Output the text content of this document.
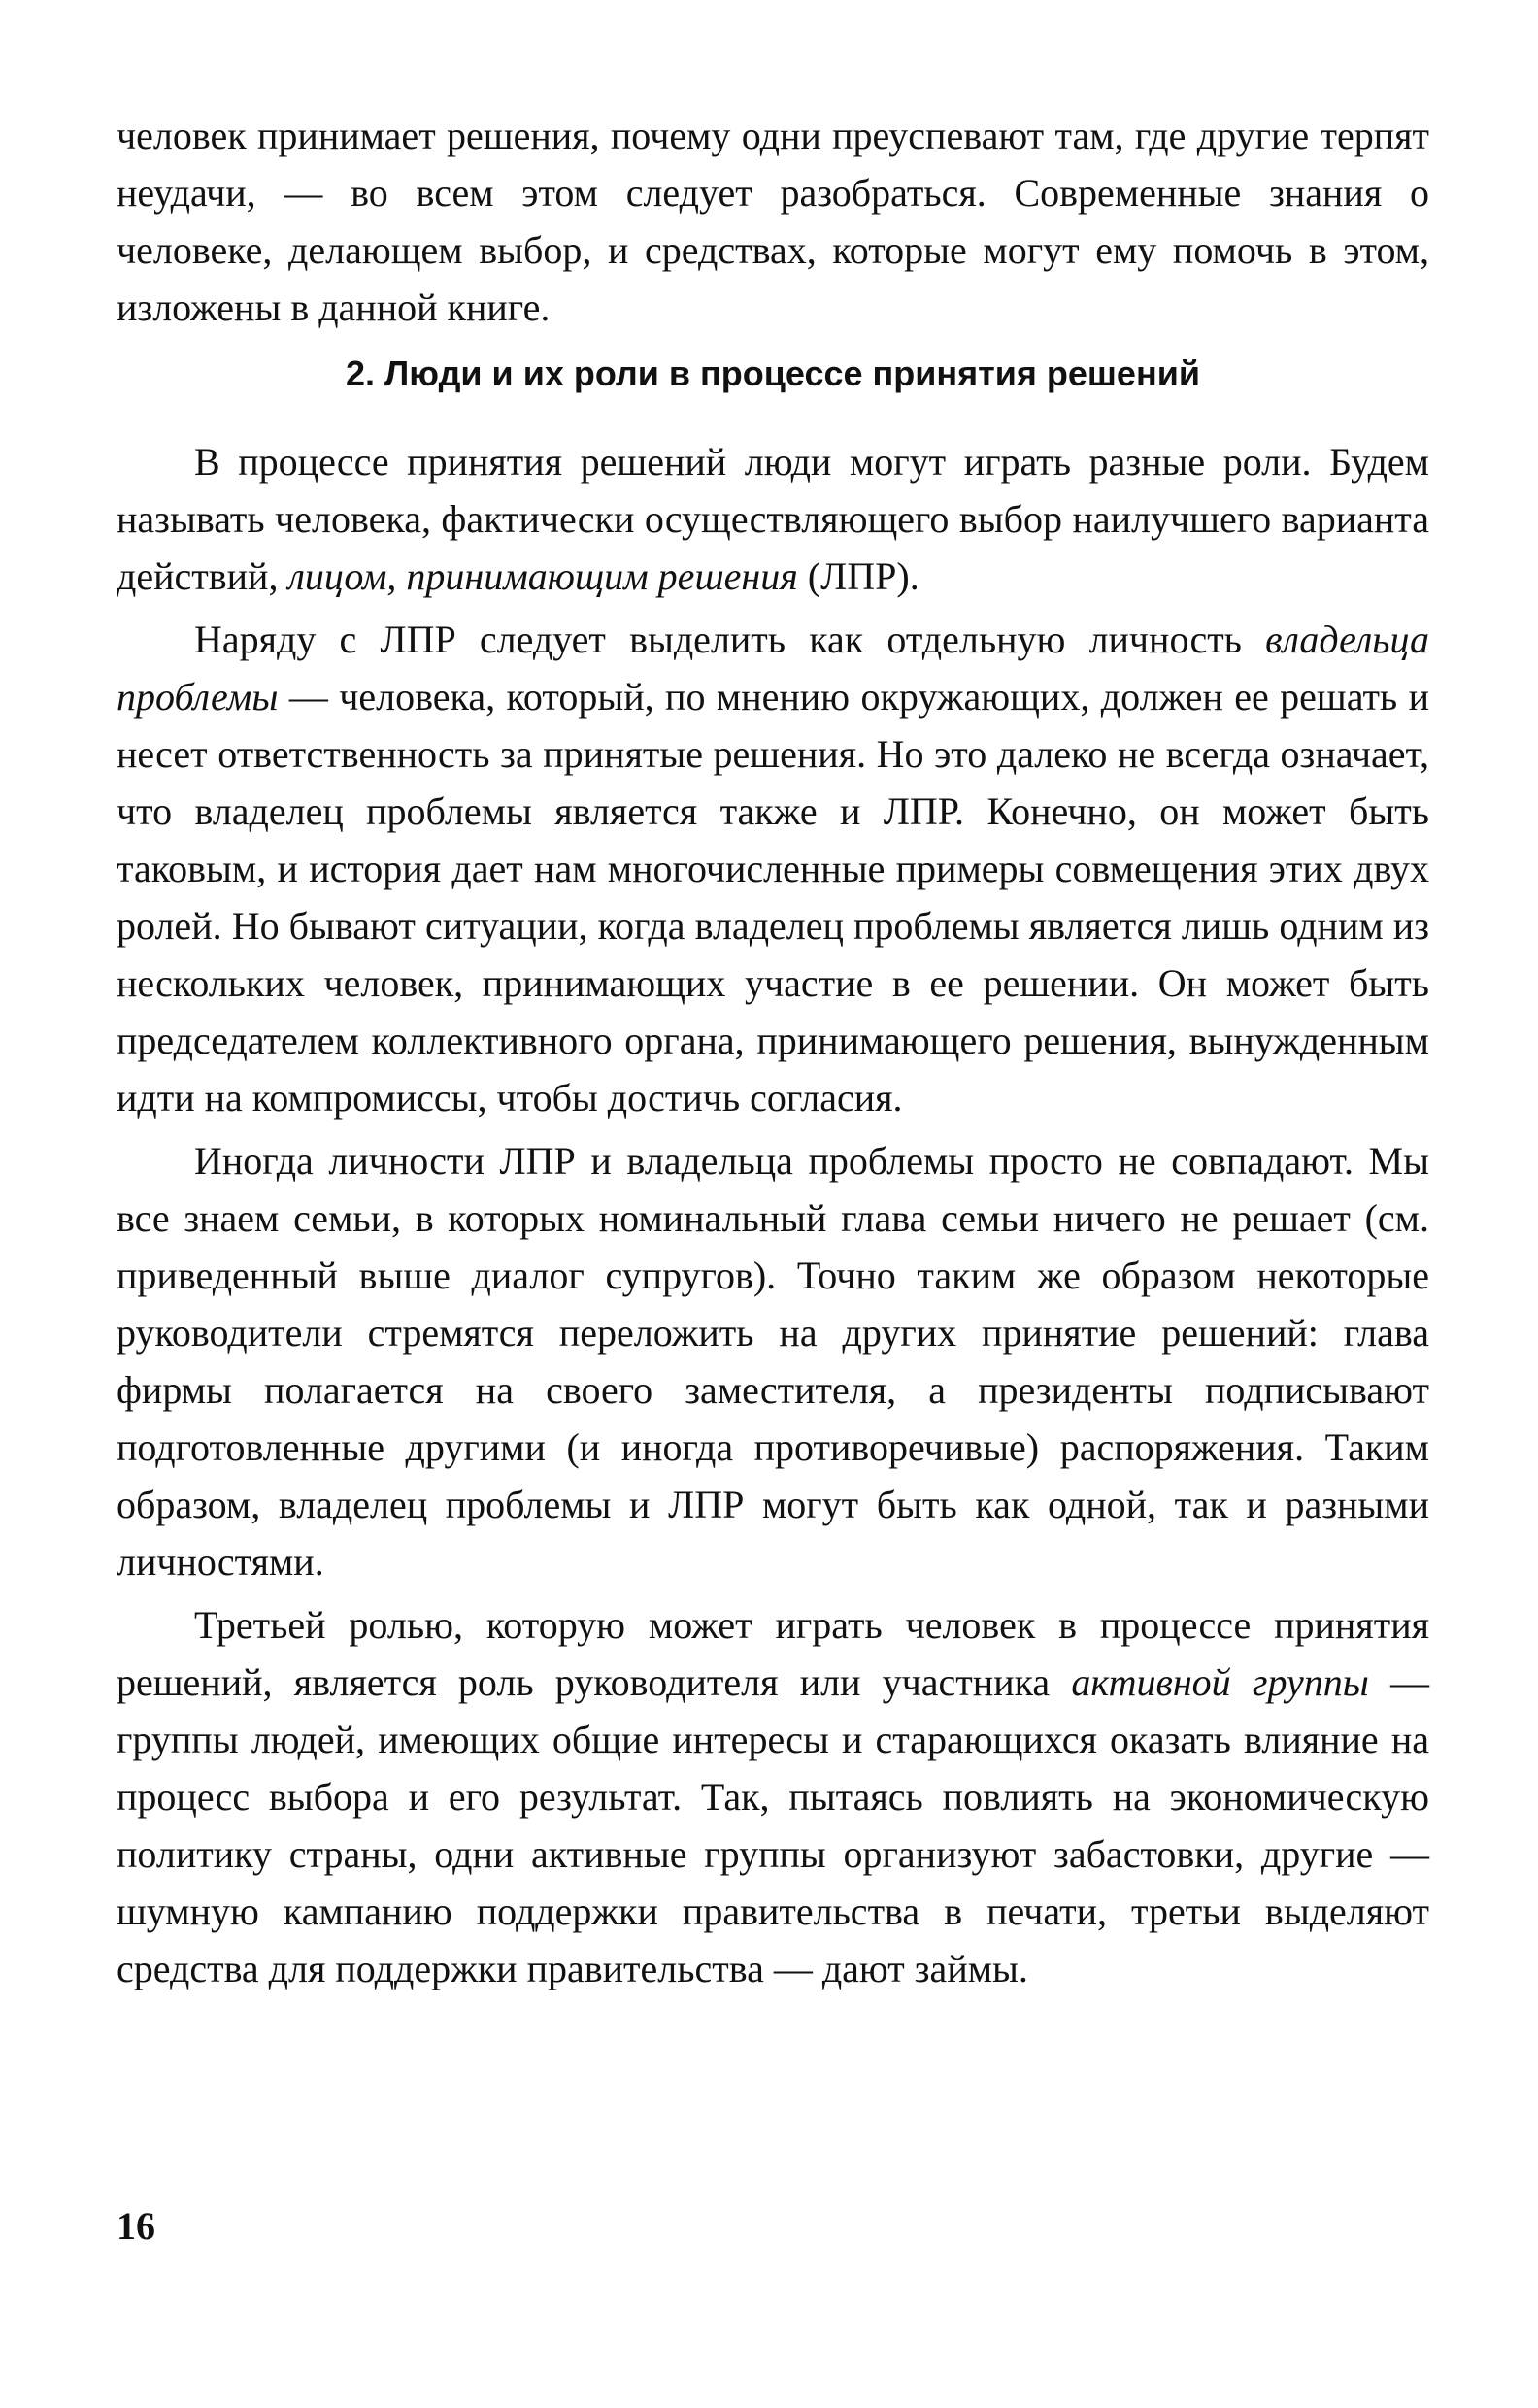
человек принимает решения, почему одни преуспевают там, где другие терпят неудачи, — во всем этом следует разобраться. Современные знания о человеке, делающем выбор, и средствах, которые могут ему помочь в этом, изложены в данной книге.

2. Люди и их роли в процессе принятия решений

В процессе принятия решений люди могут играть разные роли. Будем называть человека, фактически осуществляющего выбор наилучшего варианта действий, лицом, принимающим решения (ЛПР).

Наряду с ЛПР следует выделить как отдельную личность владельца проблемы — человека, который, по мнению окружающих, должен ее решать и несет ответственность за принятые решения. Но это далеко не всегда означает, что владелец проблемы является также и ЛПР. Конечно, он может быть таковым, и история дает нам многочисленные примеры совмещения этих двух ролей. Но бывают ситуации, когда владелец проблемы является лишь одним из нескольких человек, принимающих участие в ее решении. Он может быть председателем коллективного органа, принимающего решения, вынужденным идти на компромиссы, чтобы достичь согласия.

Иногда личности ЛПР и владельца проблемы просто не совпадают. Мы все знаем семьи, в которых номинальный глава семьи ничего не решает (см. приведенный выше диалог супругов). Точно таким же образом некоторые руководители стремятся переложить на других принятие решений: глава фирмы полагается на своего заместителя, а президенты подписывают подготовленные другими (и иногда противоречивые) распоряжения. Таким образом, владелец проблемы и ЛПР могут быть как одной, так и разными личностями.

Третьей ролью, которую может играть человек в процессе принятия решений, является роль руководителя или участника активной группы — группы людей, имеющих общие интересы и старающихся оказать влияние на процесс выбора и его результат. Так, пытаясь повлиять на экономическую политику страны, одни активные группы организуют забастовки, другие — шумную кампанию поддержки правительства в печати, третьи выделяют средства для поддержки правительства — дают займы.

16
